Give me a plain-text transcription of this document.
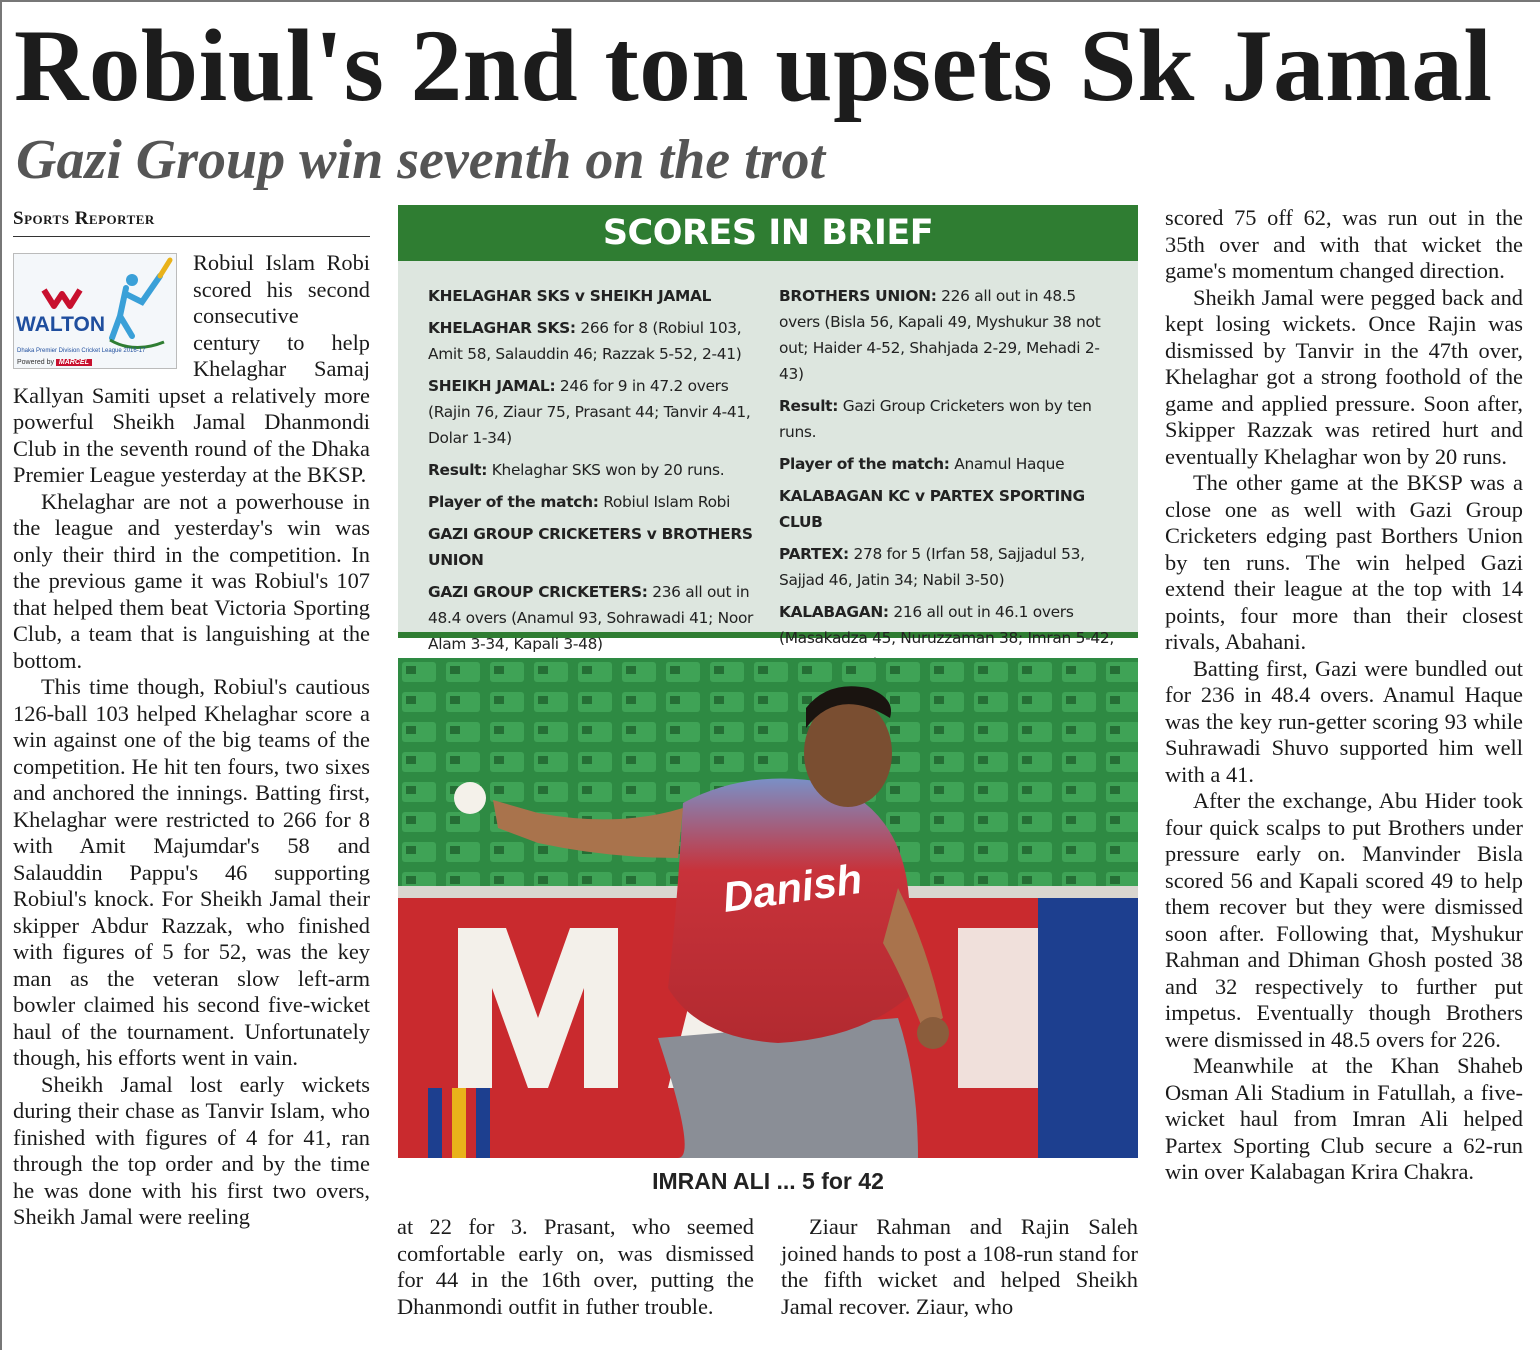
Robiul's 2nd ton upsets Sk Jamal
Gazi Group win seventh on the trot
Sports Reporter
WALTON
Dhaka Premier Division Cricket League 2016-17
Powered by MARCEL

Robiul Islam Robi scored his second consecutive century to help Khelaghar Samaj Kallyan Samiti upset a relatively more powerful Sheikh Jamal Dhanmondi Club in the seventh round of the Dhaka Premier League yesterday at the BKSP.

Khelaghar are not a powerhouse in the league and yesterday's win was only their third in the competition. In the previous game it was Robiul's 107 that helped them beat Victoria Sporting Club, a team that is languishing at the bottom.

This time though, Robiul's cautious 126-ball 103 helped Khelaghar score a win against one of the big teams of the competition. He hit ten fours, two sixes and anchored the innings. Batting first, Khelaghar were restricted to 266 for 8 with Amit Majumdar's 58 and Salauddin Pappu's 46 supporting Robiul's knock. For Sheikh Jamal their skipper Abdur Razzak, who finished with figures of 5 for 52, was the key man as the veteran slow left-arm bowler claimed his second five-wicket haul of the tournament. Unfortunately though, his efforts went in vain.

Sheikh Jamal lost early wickets during their chase as Tanvir Islam, who finished with figures of 4 for 41, ran through the top order and by the time he was done with his first two overs, Sheikh Jamal were reeling

SCORES IN BRIEF
KHELAGHAR SKS v SHEIKH JAMAL
KHELAGHAR SKS: 266 for 8 (Robiul 103, Amit 58, Salauddin 46; Razzak 5-52, 2-41)
SHEIKH JAMAL: 246 for 9 in 47.2 overs (Rajin 76, Ziaur 75, Prasant 44; Tanvir 4-41, Dolar 1-34)
Result: Khelaghar SKS won by 20 runs.
Player of the match: Robiul Islam Robi
GAZI GROUP CRICKETERS v BROTHERS UNION
GAZI GROUP CRICKETERS: 236 all out in 48.4 overs (Anamul 93, Sohrawadi 41; Noor Alam 3-34, Kapali 3-48)
BROTHERS UNION: 226 all out in 48.5 overs (Bisla 56, Kapali 49, Myshukur 38 not out; Haider 4-52, Shahjada 2-29, Mehadi 2-43)
Result: Gazi Group Cricketers won by ten runs.
Player of the match: Anamul Haque
KALABAGAN KC v PARTEX SPORTING CLUB
PARTEX: 278 for 5 (Irfan 58, Sajjadul 53, Sajjad 46, Jatin 34; Nabil 3-50)
KALABAGAN: 216 all out in 46.1 overs (Masakadza 45, Nuruzzaman 38; Imran 5-42,
Danish
IMRAN ALI ... 5 for 42

at 22 for 3. Prasant, who seemed comfortable early on, was dismissed for 44 in the 16th over, putting the Dhanmondi outfit in futher trouble.

Ziaur Rahman and Rajin Saleh joined hands to post a 108-run stand for the fifth wicket and helped Sheikh Jamal recover. Ziaur, who

scored 75 off 62, was run out in the 35th over and with that wicket the game's momentum changed direction.

Sheikh Jamal were pegged back and kept losing wickets. Once Rajin was dismissed by Tanvir in the 47th over, Khelaghar got a strong foothold of the game and applied pressure. Soon after, Skipper Razzak was retired hurt and eventually Khelaghar won by 20 runs.

The other game at the BKSP was a close one as well with Gazi Group Cricketers edging past Borthers Union by ten runs. The win helped Gazi extend their league at the top with 14 points, four more than their closest rivals, Abahani.

Batting first, Gazi were bundled out for 236 in 48.4 overs. Anamul Haque was the key run-getter scoring 93 while Suhrawadi Shuvo supported him well with a 41.

After the exchange, Abu Hider took four quick scalps to put Brothers under pressure early on. Manvinder Bisla scored 56 and Kapali scored 49 to help them recover but they were dismissed soon after. Following that, Myshukur Rahman and Dhiman Ghosh posted 38 and 32 respectively to further put impetus. Eventually though Brothers were dismissed in 48.5 overs for 226.

Meanwhile at the Khan Shaheb Osman Ali Stadium in Fatullah, a five-wicket haul from Imran Ali helped Partex Sporting Club secure a 62-run win over Kalabagan Krira Chakra.
